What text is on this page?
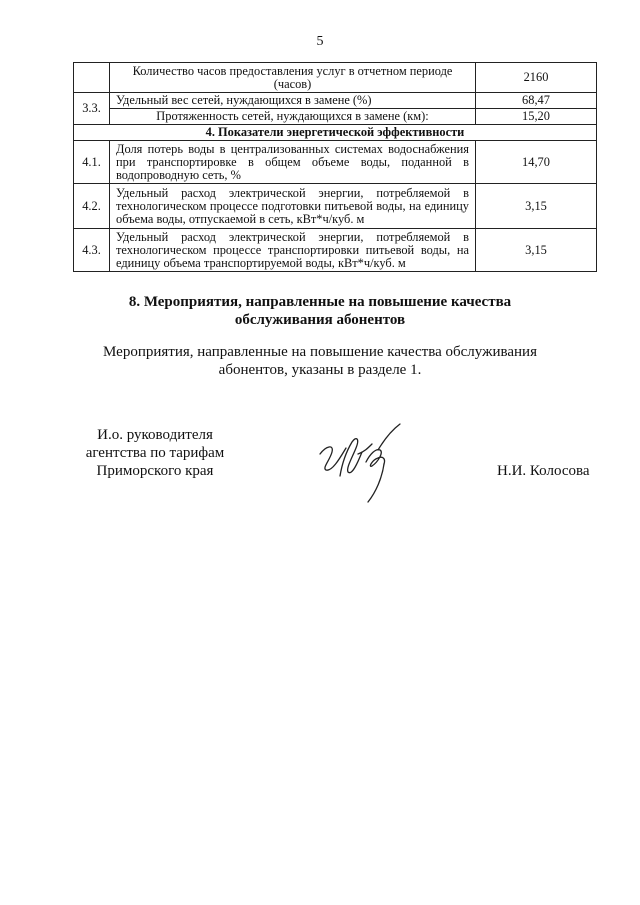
5
	Количество часов предоставления услуг в отчетном периоде (часов)	2160
3.3.	Удельный вес сетей, нуждающихся в замене (%)	68,47
	Протяженность сетей, нуждающихся в замене (км):	15,20
4. Показатели энергетической эффективности		
4.1.	Доля потерь воды в централизованных системах водоснабжения при транспортировке в общем объеме воды, поданной в водопроводную сеть, %	14,70
4.2.	Удельный расход электрической энергии, потребляемой в технологическом процессе подготовки питьевой воды, на единицу объема воды, отпускаемой в сеть, кВт*ч/куб. м	3,15
4.3.	Удельный расход электрической энергии, потребляемой в технологическом процессе транспортировки питьевой воды, на единицу объема транспортируемой воды, кВт*ч/куб. м	3,15
8. Мероприятия, направленные на повышение качества
обслуживания абонентов
Мероприятия, направленные на повышение качества обслуживания
абонентов, указаны в разделе 1.
И.о. руководителя
агентства по тарифам
Приморского края	Н.И. Колосова
